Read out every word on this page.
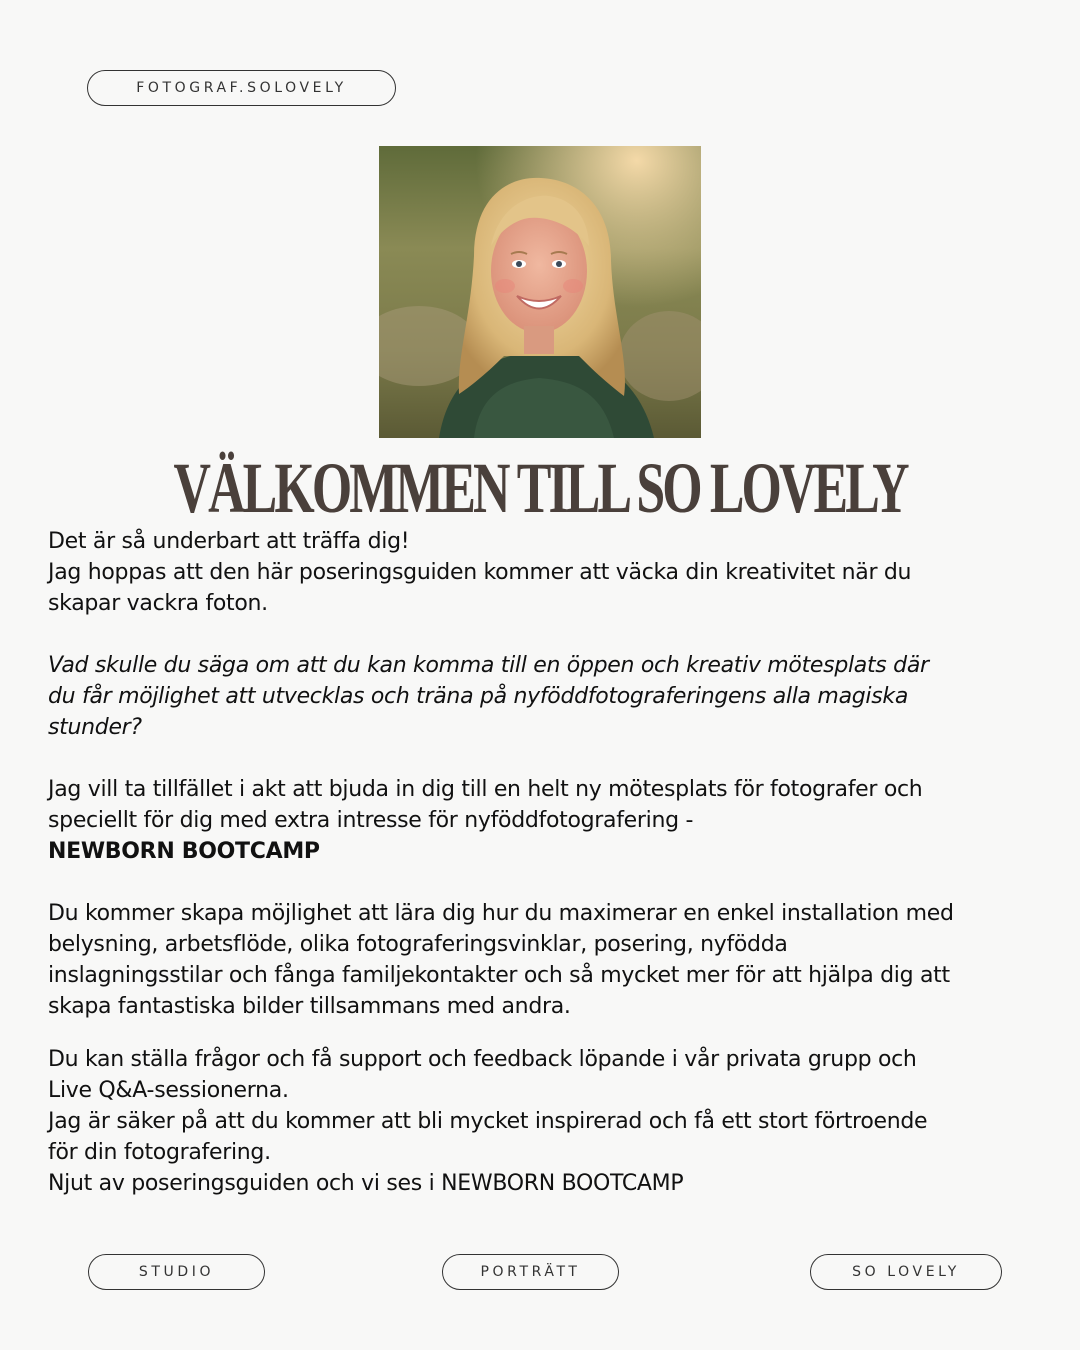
FOTOGRAF.SOLOVELY
VÄLKOMMEN TILL SO LOVELY

Det är så underbart att träffa dig!

Jag hoppas att den här poseringsguiden kommer att väcka din kreativitet när du

skapar vackra foton.

Vad skulle du säga om att du kan komma till en öppen och kreativ mötesplats där

du får möjlighet att utvecklas och träna på nyföddfotograferingens alla magiska

stunder?

Jag vill ta tillfället i akt att bjuda in dig till en helt ny mötesplats för fotografer och

speciellt för dig med extra intresse för nyföddfotografering -

NEWBORN BOOTCAMP

Du kommer skapa möjlighet att lära dig hur du maximerar en enkel installation med

belysning, arbetsflöde, olika fotograferingsvinklar, posering, nyfödda

inslagningsstilar och fånga familjekontakter och så mycket mer för att hjälpa dig att

skapa fantastiska bilder tillsammans med andra.

Du kan ställa frågor och få support och feedback löpande i vår privata grupp och

Live Q&A-sessionerna.

Jag är säker på att du kommer att bli mycket inspirerad och få ett stort förtroende

för din fotografering.

Njut av poseringsguiden och vi ses i NEWBORN BOOTCAMP

STUDIO	PORTRÄTT	SO LOVELY
